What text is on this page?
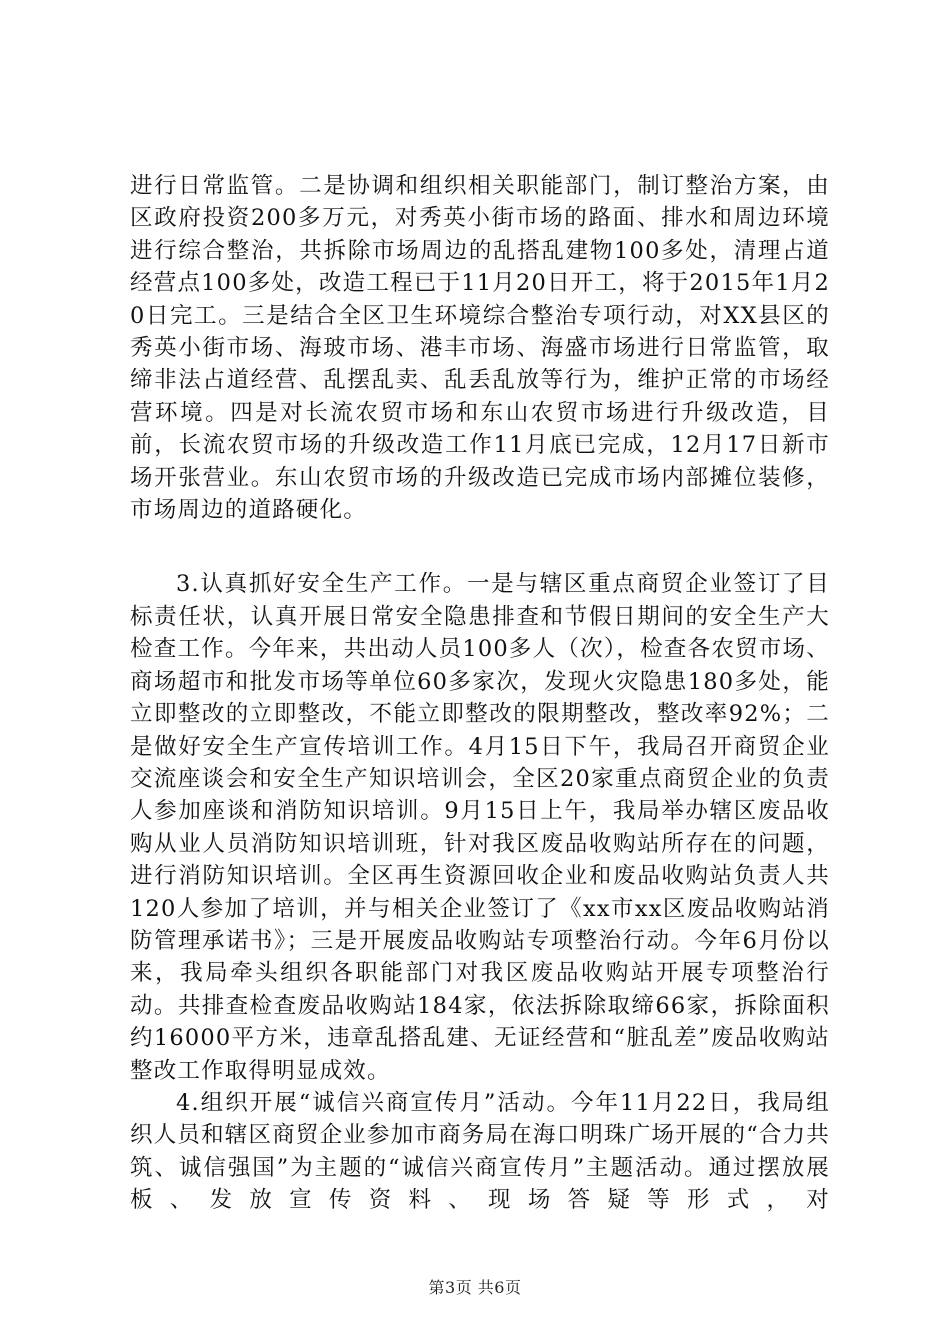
进行日常监管。二是协调和组织相关职能部门，制订整治方案，由区政府投资200多万元，对秀英小街市场的路面、排水和周边环境进行综合整治，共拆除市场周边的乱搭乱建物100多处，清理占道经营点100多处，改造工程已于11月20日开工，将于2015年1月20日完工。三是结合全区卫生环境综合整治专项行动，对XX县区的秀英小街市场、海玻市场、港丰市场、海盛市场进行日常监管，取缔非法占道经营、乱摆乱卖、乱丢乱放等行为，维护正常的市场经营环境。四是对长流农贸市场和东山农贸市场进行升级改造，目前，长流农贸市场的升级改造工作11月底已完成，12月17日新市场开张营业。东山农贸市场的升级改造已完成市场内部摊位装修，市场周边的道路硬化。

3.认真抓好安全生产工作。一是与辖区重点商贸企业签订了目标责任状，认真开展日常安全隐患排查和节假日期间的安全生产大检查工作。今年来，共出动人员100多人（次），检查各农贸市场、商场超市和批发市场等单位60多家次，发现火灾隐患180多处，能立即整改的立即整改，不能立即整改的限期整改，整改率92%；二是做好安全生产宣传培训工作。4月15日下午，我局召开商贸企业交流座谈会和安全生产知识培训会，全区20家重点商贸企业的负责人参加座谈和消防知识培训。9月15日上午，我局举办辖区废品收购从业人员消防知识培训班，针对我区废品收购站所存在的问题，进行消防知识培训。全区再生资源回收企业和废品收购站负责人共120人参加了培训，并与相关企业签订了《xx市xx区废品收购站消防管理承诺书》；三是开展废品收购站专项整治行动。今年6月份以来，我局牵头组织各职能部门对我区废品收购站开展专项整治行动。共排查检查废品收购站184家，依法拆除取缔66家，拆除面积约16000平方米，违章乱搭乱建、无证经营和“脏乱差”废品收购站整改工作取得明显成效。

4.组织开展“诚信兴商宣传月”活动。今年11月22日，我局组织人员和辖区商贸企业参加市商务局在海口明珠广场开展的“合力共筑、诚信强国”为主题的“诚信兴商宣传月”主题活动。通过摆放展板、发放宣传资料、现场答疑等形式，对

第3页 共6页
